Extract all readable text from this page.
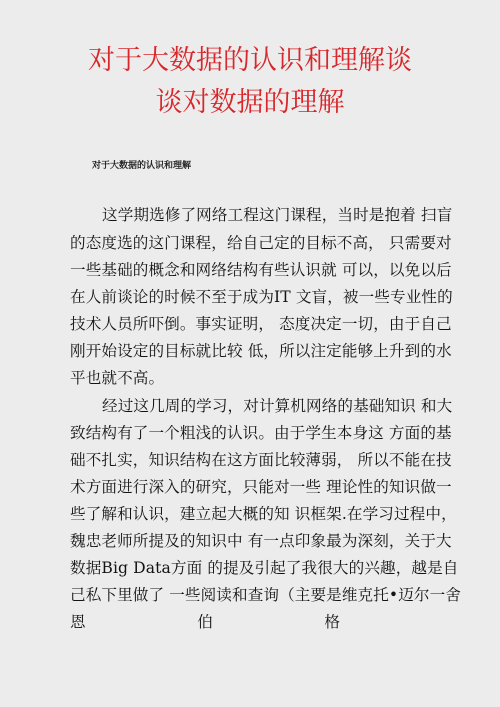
对于大数据的认识和理解谈
谈对数据的理解
对于大数据的认识和理解
这学期选修了网络工程这门课程，当时是抱着 扫盲
的态度选的这门课程，给自己定的目标不高， 只需要对
一些基础的概念和网络结构有些认识就 可以，以免以后
在人前谈论的时候不至于成为IT 文盲，被一些专业性的
技术人员所吓倒。事实证明， 态度决定一切，由于自己
刚开始设定的目标就比较 低，所以注定能够上升到的水
平也就不高。
经过这几周的学习，对计算机网络的基础知识 和大
致结构有了一个粗浅的认识。由于学生本身这 方面的基
础不扎实，知识结构在这方面比较薄弱， 所以不能在技
术方面进行深入的研究，只能对一些 理论性的知识做一
些了解和认识，建立起大概的知 识框架.在学习过程中，
魏忠老师所提及的知识中 有一点印象最为深刻，关于大
数据Big Data方面 的提及引起了我很大的兴趣，越是自
己私下里做了 一些阅读和查询（主要是维克托•迈尔一舍
恩	伯	格
